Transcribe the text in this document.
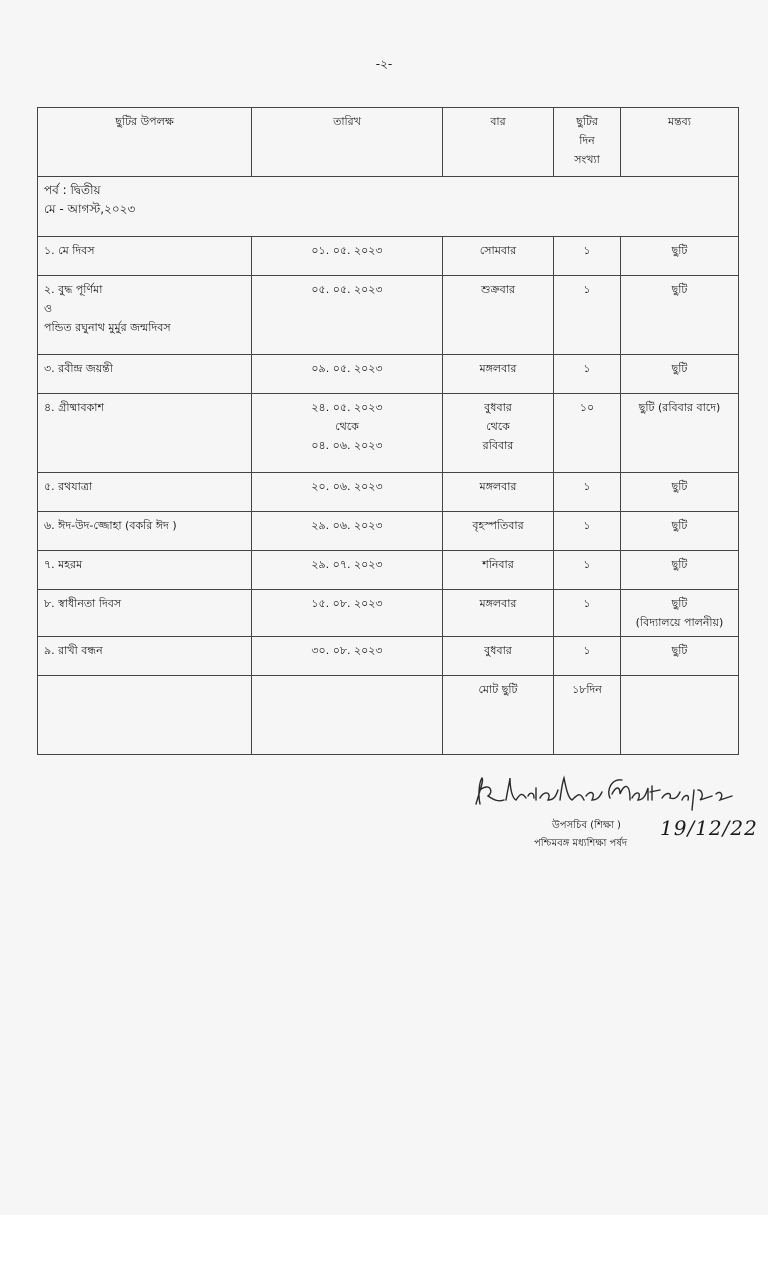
-২-
ছুটির উপলক্ষ	তারিখ	বার	ছুটির
দিন
সংখ্যা	মন্তব্য

পর্ব : দ্বিতীয়
মে - আগস্ট,২০২৩				

১. মে দিবস	০১. ০৫. ২০২৩	সোমবার	১	ছুটি

২. বুদ্ধ পূর্ণিমা
ও
পন্ডিত রঘুনাথ মুর্মুর জন্মদিবস	০৫. ০৫. ২০২৩	শুক্রবার	১	ছুটি

৩. রবীন্দ্র জয়ন্তী	০৯. ০৫. ২০২৩	মঙ্গলবার	১	ছুটি

৪. গ্রীষ্মাবকাশ	২৪. ০৫. ২০২৩
থেকে
০৪. ০৬. ২০২৩	বুধবার
থেকে
রবিবার	১০	ছুটি (রবিবার বাদে)

৫. রথযাত্রা	২০. ০৬. ২০২৩	মঙ্গলবার	১	ছুটি

৬. ঈদ-উদ-জ্জোহা (বকরি ঈদ )	২৯. ০৬. ২০২৩	বৃহস্পতিবার	১	ছুটি

৭. মহরম	২৯. ০৭. ২০২৩	শনিবার	১	ছুটি

৮. স্বাধীনতা দিবস	১৫. ০৮. ২০২৩	মঙ্গলবার	১	ছুটি
(বিদ্যালয়ে পালনীয়)

৯. রাখী বন্ধন	৩০. ০৮. ২০২৩	বুধবার	১	ছুটি

		মোট ছুটি	১৮দিন	
উপসচিব (শিক্ষা )
পশ্চিমবঙ্গ মধ্যশিক্ষা পর্ষদ
19/12/22
